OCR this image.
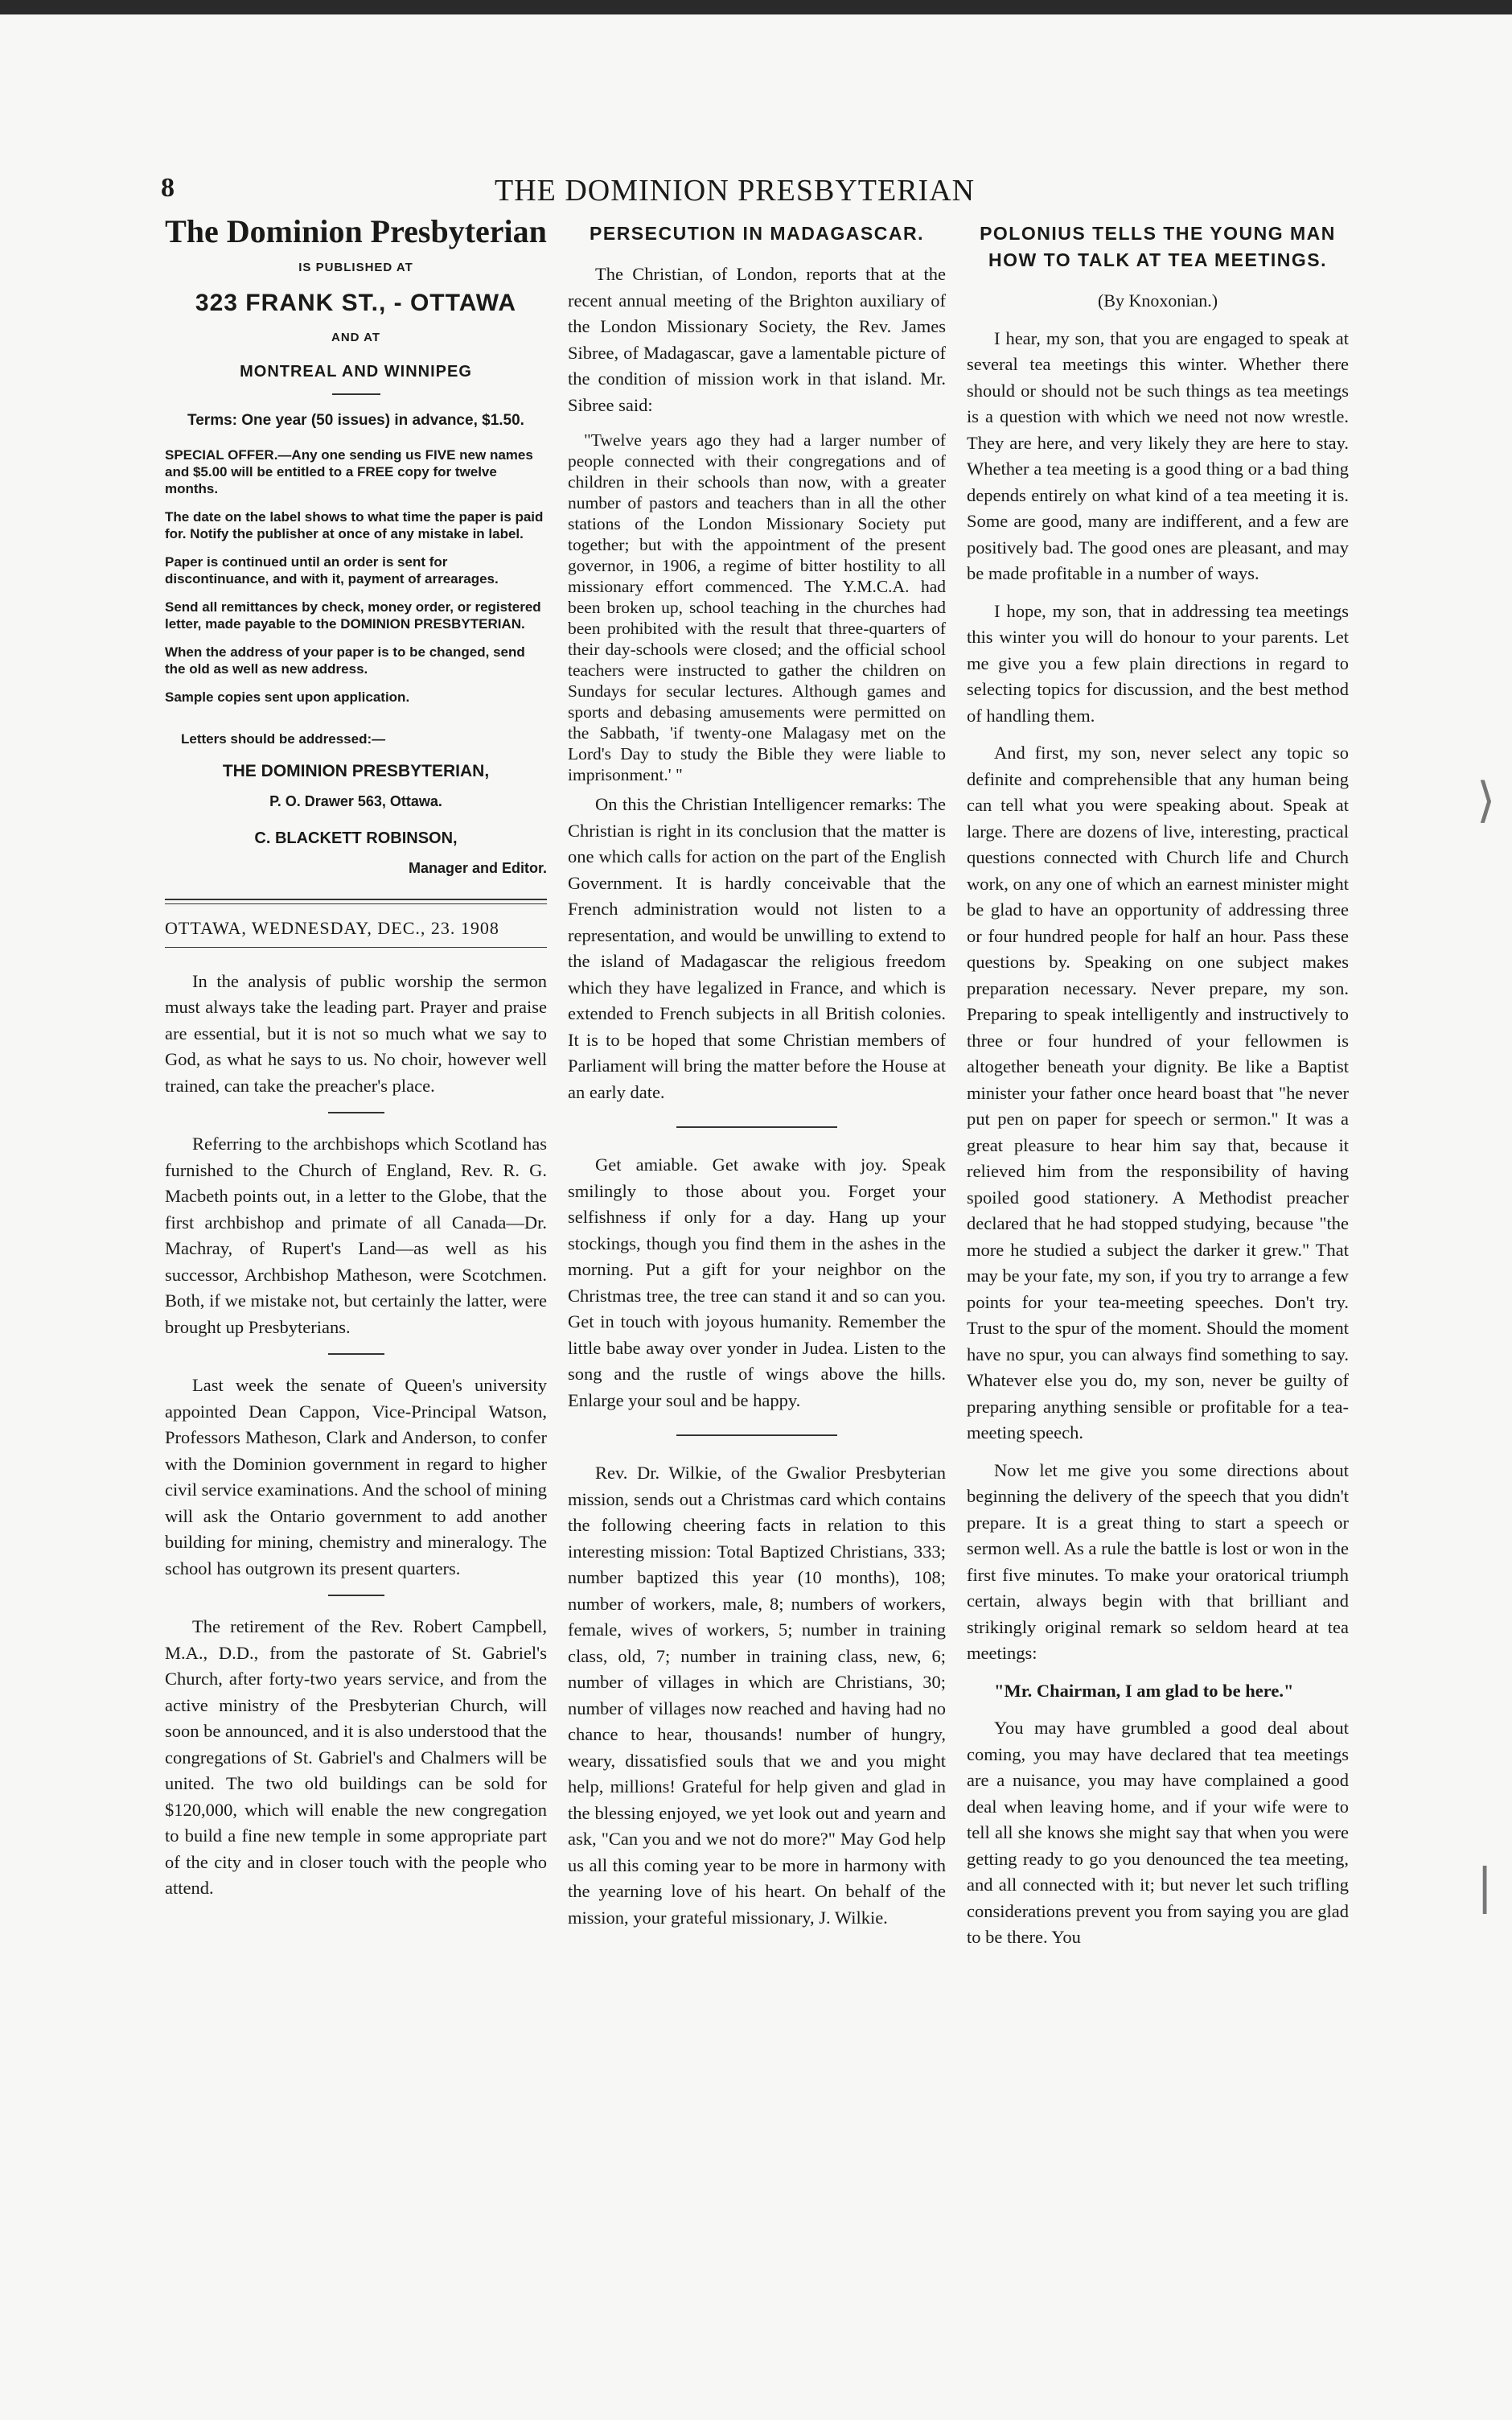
8	THE DOMINION PRESBYTERIAN
The Dominion Presbyterian
IS PUBLISHED AT
323 FRANK ST., - OTTAWA
AND AT
MONTREAL AND WINNIPEG
Terms: One year (50 issues) in advance, $1.50.

SPECIAL OFFER.—Any one sending us FIVE new names and $5.00 will be entitled to a FREE copy for twelve months.

The date on the label shows to what time the paper is paid for. Notify the publisher at once of any mistake in label.

Paper is continued until an order is sent for discontinuance, and with it, payment of arrearages.

Send all remittances by check, money order, or registered letter, made payable to the DOMINION PRESBYTERIAN.

When the address of your paper is to be changed, send the old as well as new address.

Sample copies sent upon application.

Letters should be addressed:—
THE DOMINION PRESBYTERIAN,
P. O. Drawer 563, Ottawa.
C. BLACKETT ROBINSON,
Manager and Editor.
OTTAWA, WEDNESDAY, DEC., 23. 1908

In the analysis of public worship the sermon must always take the leading part. Prayer and praise are essential, but it is not so much what we say to God, as what he says to us. No choir, however well trained, can take the preacher's place.

Referring to the archbishops which Scotland has furnished to the Church of England, Rev. R. G. Macbeth points out, in a letter to the Globe, that the first archbishop and primate of all Canada—Dr. Machray, of Rupert's Land—as well as his successor, Archbishop Matheson, were Scotchmen. Both, if we mistake not, but certainly the latter, were brought up Presbyterians.

Last week the senate of Queen's university appointed Dean Cappon, Vice-Principal Watson, Professors Matheson, Clark and Anderson, to confer with the Dominion government in regard to higher civil service examinations. And the school of mining will ask the Ontario government to add another building for mining, chemistry and mineralogy. The school has outgrown its present quarters.

The retirement of the Rev. Robert Campbell, M.A., D.D., from the pastorate of St. Gabriel's Church, after forty-two years service, and from the active ministry of the Presbyterian Church, will soon be announced, and it is also understood that the congregations of St. Gabriel's and Chalmers will be united. The two old buildings can be sold for $120,000, which will enable the new congregation to build a fine new temple in some appropriate part of the city and in closer touch with the people who attend.

PERSECUTION IN MADAGASCAR.

The Christian, of London, reports that at the recent annual meeting of the Brighton auxiliary of the London Missionary Society, the Rev. James Sibree, of Madagascar, gave a lamentable picture of the condition of mission work in that island. Mr. Sibree said:

"Twelve years ago they had a larger number of people connected with their congregations and of children in their schools than now, with a greater number of pastors and teachers than in all the other stations of the London Missionary Society put together; but with the appointment of the present governor, in 1906, a regime of bitter hostility to all missionary effort commenced. The Y.M.C.A. had been broken up, school teaching in the churches had been prohibited with the result that three-quarters of their day-schools were closed; and the official school teachers were instructed to gather the children on Sundays for secular lectures. Although games and sports and debasing amusements were permitted on the Sabbath, 'if twenty-one Malagasy met on the Lord's Day to study the Bible they were liable to imprisonment.' "

On this the Christian Intelligencer remarks: The Christian is right in its conclusion that the matter is one which calls for action on the part of the English Government. It is hardly conceivable that the French administration would not listen to a representation, and would be unwilling to extend to the island of Madagascar the religious freedom which they have legalized in France, and which is extended to French subjects in all British colonies. It is to be hoped that some Christian members of Parliament will bring the matter before the House at an early date.

Get amiable. Get awake with joy. Speak smilingly to those about you. Forget your selfishness if only for a day. Hang up your stockings, though you find them in the ashes in the morning. Put a gift for your neighbor on the Christmas tree, the tree can stand it and so can you. Get in touch with joyous humanity. Remember the little babe away over yonder in Judea. Listen to the song and the rustle of wings above the hills. Enlarge your soul and be happy.

Rev. Dr. Wilkie, of the Gwalior Presbyterian mission, sends out a Christmas card which contains the following cheering facts in relation to this interesting mission: Total Baptized Christians, 333; number baptized this year (10 months), 108; number of workers, male, 8; numbers of workers, female, wives of workers, 5; number in training class, old, 7; number in training class, new, 6; number of villages in which are Christians, 30; number of villages now reached and having had no chance to hear, thousands! number of hungry, weary, dissatisfied souls that we and you might help, millions! Grateful for help given and glad in the blessing enjoyed, we yet look out and yearn and ask, "Can you and we not do more?" May God help us all this coming year to be more in harmony with the yearning love of his heart. On behalf of the mission, your grateful missionary, J. Wilkie.

POLONIUS TELLS THE YOUNG MAN HOW TO TALK AT TEA MEETINGS.
(By Knoxonian.)

I hear, my son, that you are engaged to speak at several tea meetings this winter. Whether there should or should not be such things as tea meetings is a question with which we need not now wrestle. They are here, and very likely they are here to stay. Whether a tea meeting is a good thing or a bad thing depends entirely on what kind of a tea meeting it is. Some are good, many are indifferent, and a few are positively bad. The good ones are pleasant, and may be made profitable in a number of ways.

I hope, my son, that in addressing tea meetings this winter you will do honour to your parents. Let me give you a few plain directions in regard to selecting topics for discussion, and the best method of handling them.

And first, my son, never select any topic so definite and comprehensible that any human being can tell what you were speaking about. Speak at large. There are dozens of live, interesting, practical questions connected with Church life and Church work, on any one of which an earnest minister might be glad to have an opportunity of addressing three or four hundred people for half an hour. Pass these questions by. Speaking on one subject makes preparation necessary. Never prepare, my son. Preparing to speak intelligently and instructively to three or four hundred of your fellowmen is altogether beneath your dignity. Be like a Baptist minister your father once heard boast that "he never put pen on paper for speech or sermon." It was a great pleasure to hear him say that, because it relieved him from the responsibility of having spoiled good stationery. A Methodist preacher declared that he had stopped studying, because "the more he studied a subject the darker it grew." That may be your fate, my son, if you try to arrange a few points for your tea-meeting speeches. Don't try. Trust to the spur of the moment. Should the moment have no spur, you can always find something to say. Whatever else you do, my son, never be guilty of preparing anything sensible or profitable for a tea-meeting speech.

Now let me give you some directions about beginning the delivery of the speech that you didn't prepare. It is a great thing to start a speech or sermon well. As a rule the battle is lost or won in the first five minutes. To make your oratorical triumph certain, always begin with that brilliant and strikingly original remark so seldom heard at tea meetings:

"Mr. Chairman, I am glad to be here."

You may have grumbled a good deal about coming, you may have declared that tea meetings are a nuisance, you may have complained a good deal when leaving home, and if your wife were to tell all she knows she might say that when you were getting ready to go you denounced the tea meeting, and all connected with it; but never let such trifling considerations prevent you from saying you are glad to be there. You

⟩
|
